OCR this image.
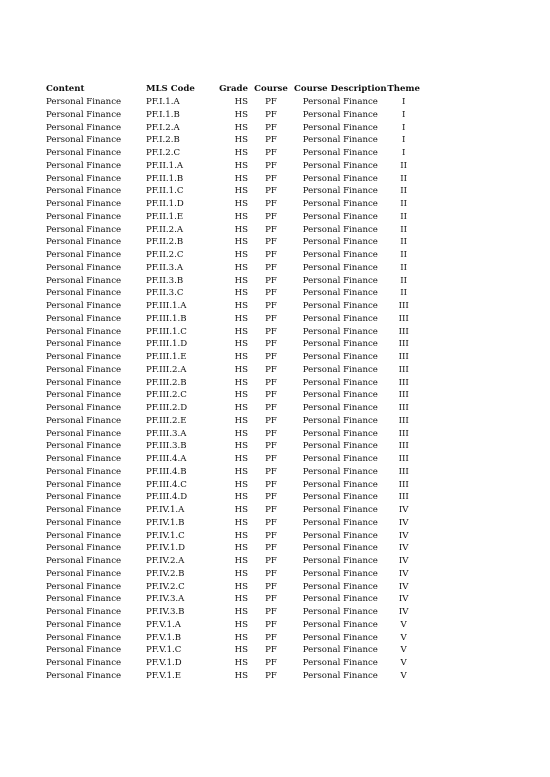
Content	MLS Code	Grade	Course	Course Description	Theme
Personal Finance	PF.I.1.A	HS	PF	Personal Finance	I
Personal Finance	PF.I.1.B	HS	PF	Personal Finance	I
Personal Finance	PF.I.2.A	HS	PF	Personal Finance	I
Personal Finance	PF.I.2.B	HS	PF	Personal Finance	I
Personal Finance	PF.I.2.C	HS	PF	Personal Finance	I
Personal Finance	PF.II.1.A	HS	PF	Personal Finance	II
Personal Finance	PF.II.1.B	HS	PF	Personal Finance	II
Personal Finance	PF.II.1.C	HS	PF	Personal Finance	II
Personal Finance	PF.II.1.D	HS	PF	Personal Finance	II
Personal Finance	PF.II.1.E	HS	PF	Personal Finance	II
Personal Finance	PF.II.2.A	HS	PF	Personal Finance	II
Personal Finance	PF.II.2.B	HS	PF	Personal Finance	II
Personal Finance	PF.II.2.C	HS	PF	Personal Finance	II
Personal Finance	PF.II.3.A	HS	PF	Personal Finance	II
Personal Finance	PF.II.3.B	HS	PF	Personal Finance	II
Personal Finance	PF.II.3.C	HS	PF	Personal Finance	II
Personal Finance	PF.III.1.A	HS	PF	Personal Finance	III
Personal Finance	PF.III.1.B	HS	PF	Personal Finance	III
Personal Finance	PF.III.1.C	HS	PF	Personal Finance	III
Personal Finance	PF.III.1.D	HS	PF	Personal Finance	III
Personal Finance	PF.III.1.E	HS	PF	Personal Finance	III
Personal Finance	PF.III.2.A	HS	PF	Personal Finance	III
Personal Finance	PF.III.2.B	HS	PF	Personal Finance	III
Personal Finance	PF.III.2.C	HS	PF	Personal Finance	III
Personal Finance	PF.III.2.D	HS	PF	Personal Finance	III
Personal Finance	PF.III.2.E	HS	PF	Personal Finance	III
Personal Finance	PF.III.3.A	HS	PF	Personal Finance	III
Personal Finance	PF.III.3.B	HS	PF	Personal Finance	III
Personal Finance	PF.III.4.A	HS	PF	Personal Finance	III
Personal Finance	PF.III.4.B	HS	PF	Personal Finance	III
Personal Finance	PF.III.4.C	HS	PF	Personal Finance	III
Personal Finance	PF.III.4.D	HS	PF	Personal Finance	III
Personal Finance	PF.IV.1.A	HS	PF	Personal Finance	IV
Personal Finance	PF.IV.1.B	HS	PF	Personal Finance	IV
Personal Finance	PF.IV.1.C	HS	PF	Personal Finance	IV
Personal Finance	PF.IV.1.D	HS	PF	Personal Finance	IV
Personal Finance	PF.IV.2.A	HS	PF	Personal Finance	IV
Personal Finance	PF.IV.2.B	HS	PF	Personal Finance	IV
Personal Finance	PF.IV.2.C	HS	PF	Personal Finance	IV
Personal Finance	PF.IV.3.A	HS	PF	Personal Finance	IV
Personal Finance	PF.IV.3.B	HS	PF	Personal Finance	IV
Personal Finance	PF.V.1.A	HS	PF	Personal Finance	V
Personal Finance	PF.V.1.B	HS	PF	Personal Finance	V
Personal Finance	PF.V.1.C	HS	PF	Personal Finance	V
Personal Finance	PF.V.1.D	HS	PF	Personal Finance	V
Personal Finance	PF.V.1.E	HS	PF	Personal Finance	V
